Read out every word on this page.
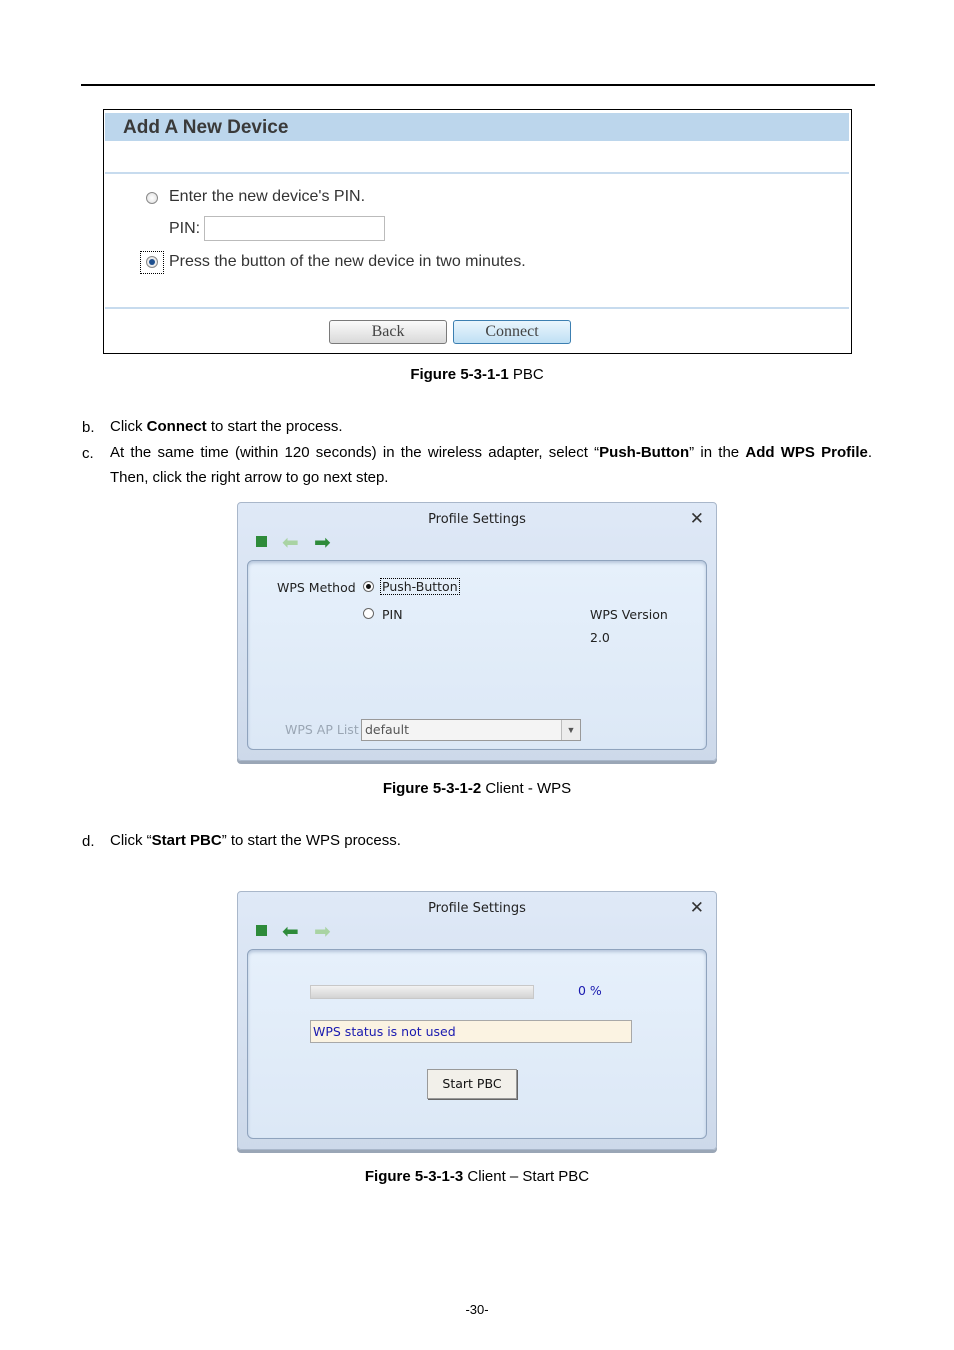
Add A New Device
Enter the new device's PIN.
PIN:
Press the button of the new device in two minutes.
Back	Connect
Figure 5-3-1-1 PBC
b. Click Connect to start the process.
c. At the same time (within 120 seconds) in the wireless adapter, select “Push-Button” in the Add WPS Profile. Then, click the right arrow to go next step.
Profile Settings	✕
⬅ ➡
WPS Method Push-Button
PIN	WPS Version
2.0
WPS AP List default	▼
Figure 5-3-1-2 Client - WPS
d. Click “Start PBC” to start the WPS process.
Profile Settings	✕
⬅ ➡
0 %
WPS status is not used
Start PBC
Figure 5-3-1-3 Client – Start PBC
-30-
